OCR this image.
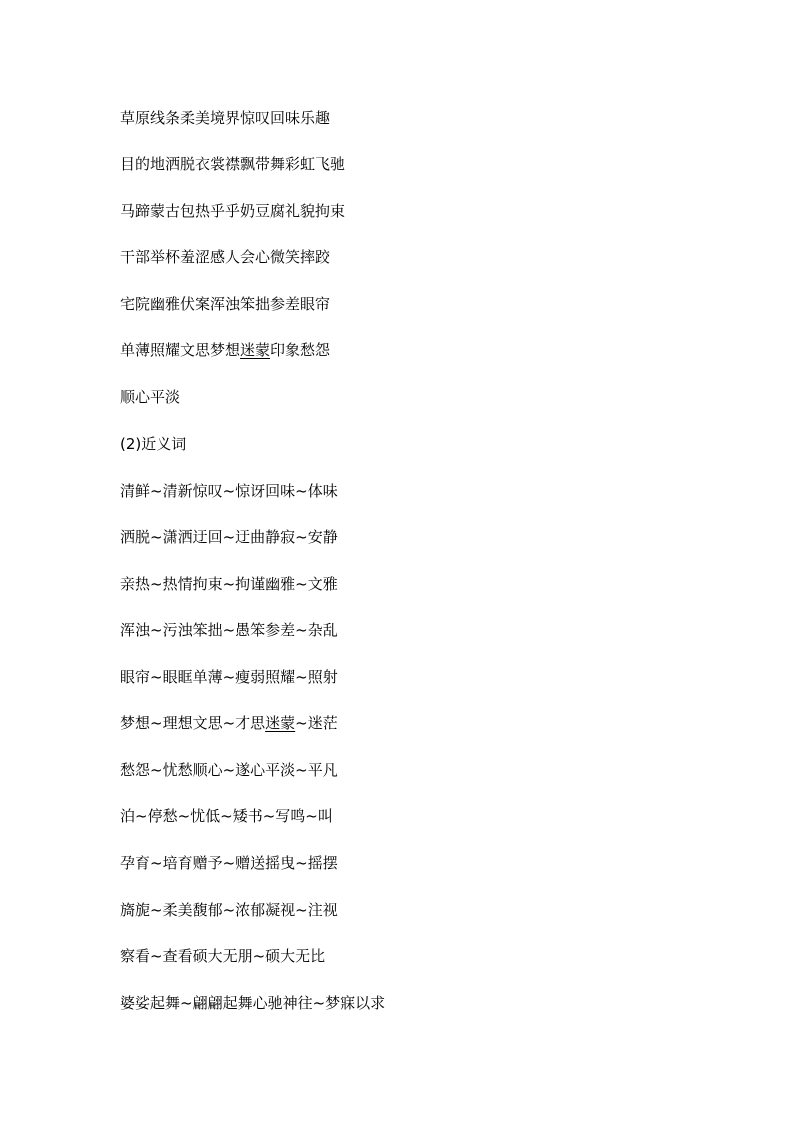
草原线条柔美境界惊叹回味乐趣
目的地洒脱衣裳襟飘带舞彩虹飞驰
马蹄蒙古包热乎乎奶豆腐礼貌拘束
干部举杯羞涩感人会心微笑摔跤
宅院幽雅伏案浑浊笨拙参差眼帘
单薄照耀文思梦想迷蒙印象愁怨
顺心平淡
(2)近义词
清鲜~清新惊叹~惊讶回味~体味
洒脱~潇洒迂回~迂曲静寂~安静
亲热~热情拘束~拘谨幽雅~文雅
浑浊~污浊笨拙~愚笨参差~杂乱
眼帘~眼眶单薄~瘦弱照耀~照射
梦想~理想文思~才思迷蒙~迷茫
愁怨~忧愁顺心~遂心平淡~平凡
泊~停愁~忧低~矮书~写鸣~叫
孕育~培育赠予~赠送摇曳~摇摆
旖旎~柔美馥郁~浓郁凝视~注视
察看~查看硕大无朋~硕大无比
婆娑起舞~翩翩起舞心驰神往~梦寐以求
